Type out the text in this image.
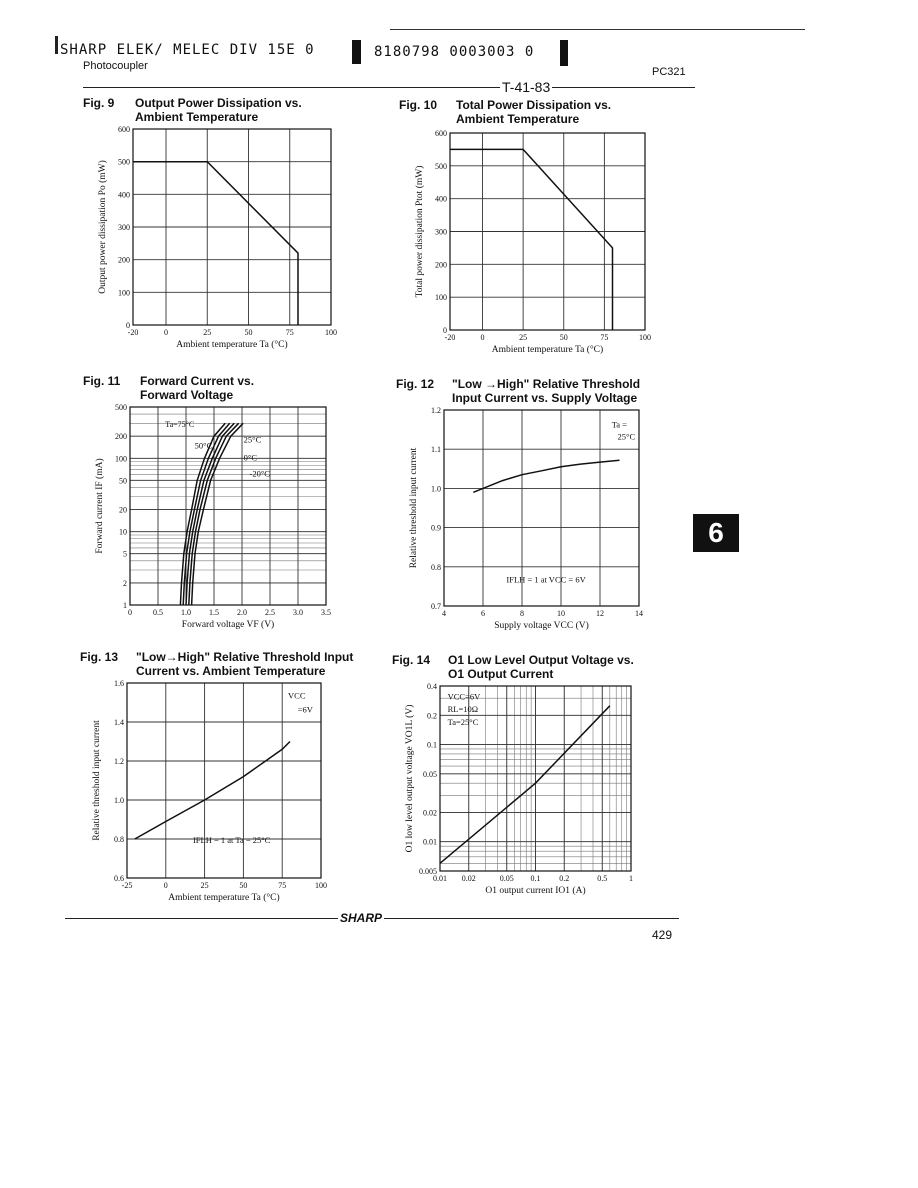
SHARP ELEK/ MELEC DIV 15E 0	8180798 0003003 0
Photocoupler	PC321
T-41-83
Fig. 9 Output Power Dissipation vs.
Ambient Temperature
Fig. 10 Total Power Dissipation vs.
Ambient Temperature
Fig. 11 Forward Current vs.
Forward Voltage
Fig. 12 "Low →High" Relative Threshold
Input Current vs. Supply Voltage
Fig. 13 "Low→High" Relative Threshold Input
Current vs. Ambient Temperature
Fig. 14 O1 Low Level Output Voltage vs.
O1 Output Current
-20	0	25	50	75	100
0
100
200
300
400
500
600
Ambient temperature Ta (°C)
Output power dissipation Po (mW)
-20	0	25	50	75	100
0
100
200
300
400
500
600
Ambient temperature Ta (°C)
Total power dissipation Ptot (mW)
0	0.5 1.0 1.5 2.0 2.5 3.0 3.5
1
2
5
10
20
50
100
200
500
Forward voltage VF (V)
Forward current IF (mA)
Ta=75°C
50°C
25°C
0°C
-20°C
4	6	8	10	12	14
0.7
0.8
0.9
1.0
1.1
1.2
Supply voltage VCC (V)
Relative threshold input current
Ta =
25°C
IFLH = 1 at VCC = 6V
-25	0	25	50	75	100
0.6
0.8
1.0
1.2
1.4
1.6
Ambient temperature Ta (°C)
Relative threshold input current
VCC
=6V
IFLH = 1 at Ta = 25°C
0.01 0.02	0.05 0.1 0.2	0.5	1
0.005
0.01
0.02
0.05
0.1
0.2
0.4
O1 output current IO1 (A)
O1 low level output voltage VO1L (V)
VCC=6V
RL=10Ω
Ta=25°C
6
SHARP
429
